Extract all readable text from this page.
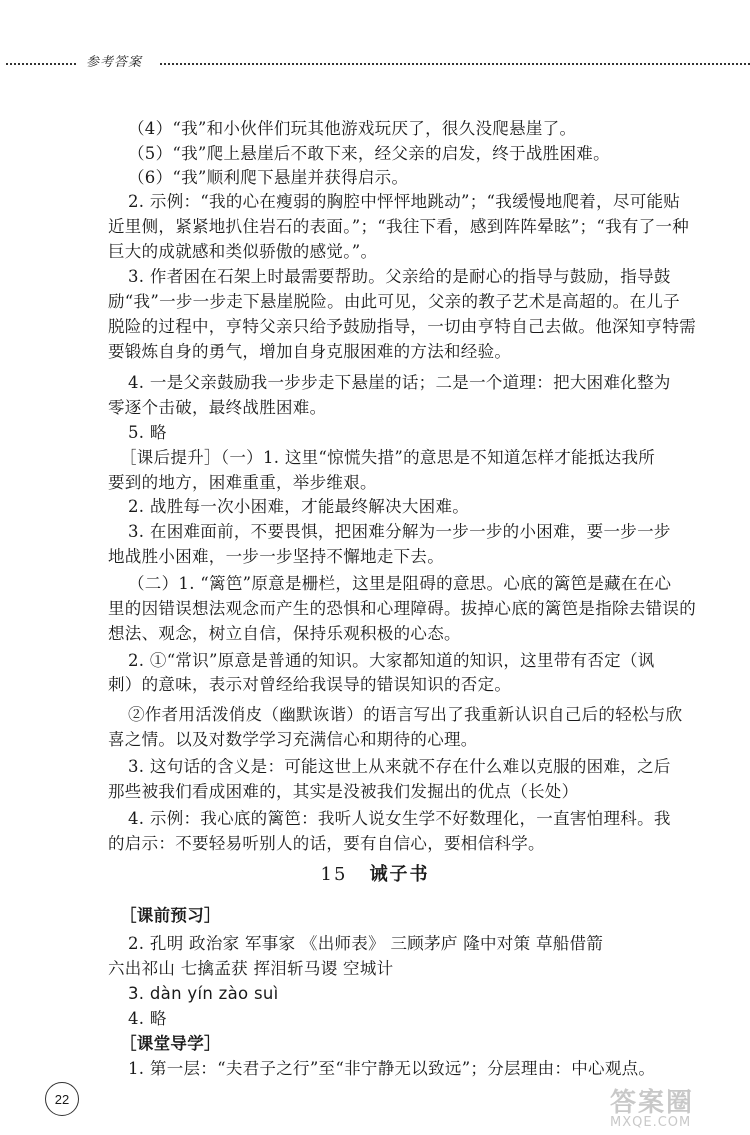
参考答案
（4）“我”和小伙伴们玩其他游戏玩厌了，很久没爬悬崖了。
（5）“我”爬上悬崖后不敢下来，经父亲的启发，终于战胜困难。
（6）“我”顺利爬下悬崖并获得启示。
2. 示例：“我的心在瘦弱的胸腔中怦怦地跳动”；“我缓慢地爬着，尽可能贴
近里侧，紧紧地扒住岩石的表面。”；“我往下看，感到阵阵晕眩”；“我有了一种
巨大的成就感和类似骄傲的感觉。”。
3. 作者困在石架上时最需要帮助。父亲给的是耐心的指导与鼓励，指导鼓
励“我”一步一步走下悬崖脱险。由此可见，父亲的教子艺术是高超的。在儿子
脱险的过程中，亨特父亲只给予鼓励指导，一切由亨特自己去做。他深知亨特需
要锻炼自身的勇气，增加自身克服困难的方法和经验。
4. 一是父亲鼓励我一步步走下悬崖的话；二是一个道理：把大困难化整为
零逐个击破，最终战胜困难。
5. 略
［课后提升］（一）1. 这里“惊慌失措”的意思是不知道怎样才能抵达我所
要到的地方，困难重重，举步维艰。
2. 战胜每一次小困难，才能最终解决大困难。
3. 在困难面前，不要畏惧，把困难分解为一步一步的小困难，要一步一步
地战胜小困难，一步一步坚持不懈地走下去。
（二）1. “篱笆”原意是栅栏，这里是阻碍的意思。心底的篱笆是藏在在心
里的因错误想法观念而产生的恐惧和心理障碍。拔掉心底的篱笆是指除去错误的
想法、观念，树立自信，保持乐观积极的心态。
2. ①“常识”原意是普通的知识。大家都知道的知识，这里带有否定（讽
刺）的意味，表示对曾经给我误导的错误知识的否定。
②作者用活泼俏皮（幽默诙谐）的语言写出了我重新认识自己后的轻松与欣
喜之情。以及对数学学习充满信心和期待的心理。
3. 这句话的含义是：可能这世上从来就不存在什么难以克服的困难，之后
那些被我们看成困难的，其实是没被我们发掘出的优点（长处）
4. 示例：我心底的篱笆：我听人说女生学不好数理化，一直害怕理科。我
的启示：不要轻易听别人的话，要有自信心，要相信科学。
15 诫子书
［课前预习］
2. 孔明 政治家 军事家 《出师表》 三顾茅庐 隆中对策 草船借箭
六出祁山 七擒孟获 挥泪斩马谡 空城计
3. dàn yín zào suì
4. 略
［课堂导学］
1. 第一层：“夫君子之行”至“非宁静无以致远”；分层理由：中心观点。
22	答案圈
MXQE.COM
